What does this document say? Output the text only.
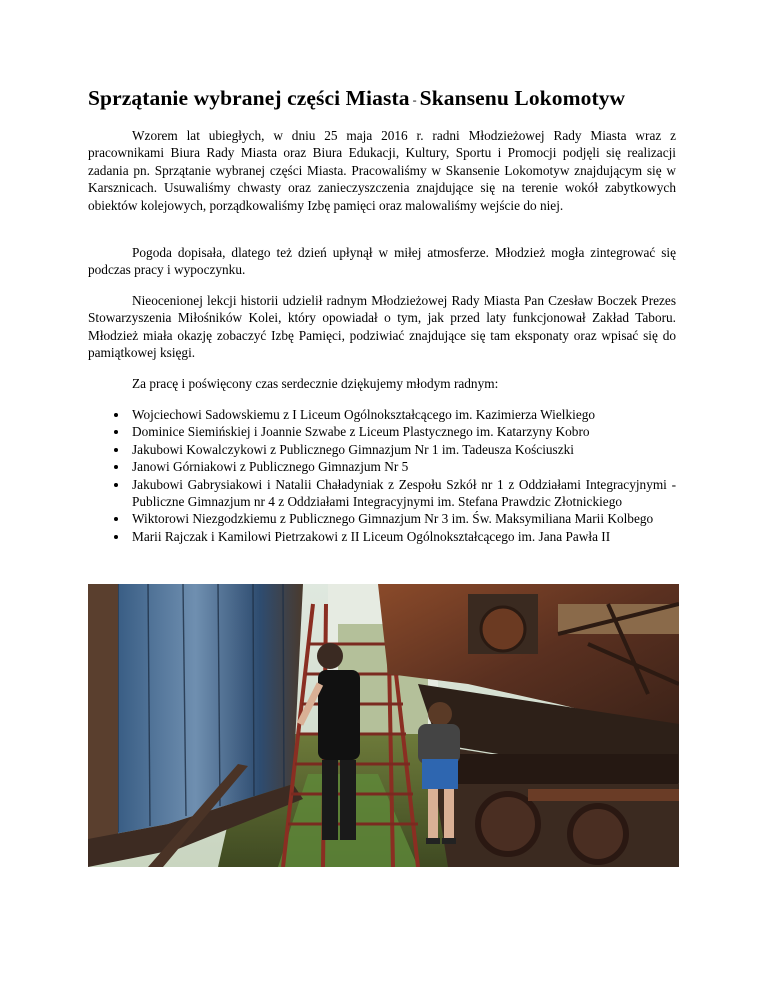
Sprzątanie wybranej części Miasta - Skansenu Lokomotyw

Wzorem lat ubiegłych, w dniu 25 maja 2016 r. radni Młodzieżowej Rady Miasta wraz z pracownikami Biura Rady Miasta oraz Biura Edukacji, Kultury, Sportu i Promocji podjęli się realizacji zadania pn. Sprzątanie wybranej części Miasta. Pracowaliśmy w Skansenie Lokomotyw znajdującym się w Karsznicach. Usuwaliśmy chwasty oraz zanieczyszczenia znajdujące się na terenie wokół zabytkowych obiektów kolejowych, porządkowaliśmy Izbę pamięci oraz malowaliśmy wejście do niej.

Pogoda dopisała, dlatego też dzień upłynął w miłej atmosferze. Młodzież mogła zintegrować się podczas pracy i wypoczynku.

Nieocenionej lekcji historii udzielił radnym Młodzieżowej Rady Miasta Pan Czesław Boczek Prezes Stowarzyszenia Miłośników Kolei, który opowiadał o tym, jak przed laty funkcjonował Zakład Taboru. Młodzież miała okazję zobaczyć Izbę Pamięci, podziwiać znajdujące się tam eksponaty oraz wpisać się do pamiątkowej księgi.

Za pracę i poświęcony czas serdecznie dziękujemy młodym radnym:

Wojciechowi Sadowskiemu z I Liceum Ogólnokształcącego im. Kazimierza Wielkiego
Dominice Siemińskiej i Joannie Szwabe z Liceum Plastycznego im. Katarzyny Kobro
Jakubowi Kowalczykowi z Publicznego Gimnazjum Nr 1 im. Tadeusza Kościuszki
Janowi Górniakowi z Publicznego Gimnazjum Nr 5
Jakubowi Gabrysiakowi i Natalii Chaładyniak z Zespołu Szkół nr 1 z Oddziałami Integracyjnymi - Publiczne Gimnazjum nr 4 z Oddziałami Integracyjnymi im. Stefana Prawdzic Złotnickiego
Wiktorowi Niezgodzkiemu z Publicznego Gimnazjum Nr 3 im. Św. Maksymiliana Marii Kolbego
Marii Rajczak i Kamilowi Pietrzakowi z II Liceum Ogólnokształcącego im. Jana Pawła II
